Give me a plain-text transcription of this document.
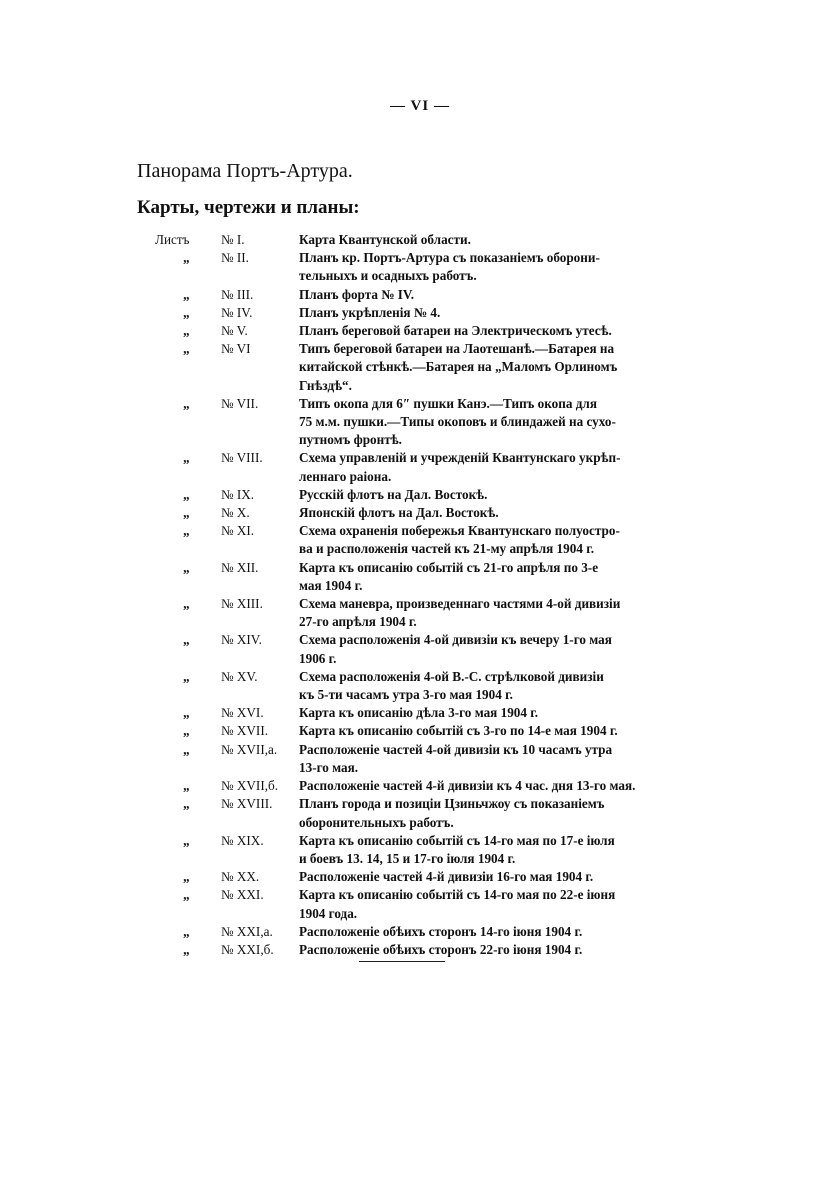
— VI —
Панорама Портъ-Артура.
Карты, чертежи и планы:
Листъ	№ I.	Карта Квантунской области.
„	№ II.	Планъ кр. Портъ-Артура съ показаніемъ оборони-
тельныхъ и осадныхъ работъ.
„	№ III.	Планъ форта № IV.
„	№ IV.	Планъ укрѣпленія № 4.
„	№ V.	Планъ береговой батареи на Электрическомъ утесѣ.
„	№ VI	Типъ береговой батареи на Лаотешанѣ.—Батарея на
китайской стѣнкѣ.—Батарея на „Маломъ Орлиномъ
Гнѣздѣ“.
„	№ VII.	Типъ окопа для 6″ пушки Канэ.—Типъ окопа для
75 м.м. пушки.—Типы окоповъ и блиндажей на сухо-
путномъ фронтѣ.
„	№ VIII.	Схема управленій и учрежденій Квантунскаго укрѣп-
леннаго раіона.
„	№ IX.	Русскій флотъ на Дал. Востокѣ.
„	№ X.	Японскій флотъ на Дал. Востокѣ.
„	№ XI.	Схема охраненія побережья Квантунскаго полуостро-
ва и расположенія частей къ 21-му апрѣля 1904 г.
„	№ XII.	Карта къ описанію событій съ 21-го апрѣля по 3-е
мая 1904 г.
„	№ XIII.	Схема маневра, произведеннаго частями 4-ой дивизіи
27-го апрѣля 1904 г.
„	№ XIV.	Схема расположенія 4-ой дивизіи къ вечеру 1-го мая
1906 г.
„	№ XV.	Схема расположенія 4-ой В.-С. стрѣлковой дивизіи
къ 5-ти часамъ утра 3-го мая 1904 г.
„	№ XVI.	Карта къ описанію дѣла 3-го мая 1904 г.
„	№ XVII.	Карта къ описанію событій съ 3-го по 14-е мая 1904 г.
„	№ XVII,а.	Расположеніе частей 4-ой дивизіи къ 10 часамъ утра
13-го мая.
„	№ XVII,б.	Расположеніе частей 4-й дивизіи къ 4 час. дня 13-го мая.
„	№ XVIII.	Планъ города и позиціи Цзиньчжоу съ показаніемъ
оборонительныхъ работъ.
„	№ XIX.	Карта къ описанію событій съ 14-го мая по 17-е іюля
и боевъ 13. 14, 15 и 17-го іюля 1904 г.
„	№ XX.	Расположеніе частей 4-й дивизіи 16-го мая 1904 г.
„	№ XXI.	Карта къ описанію событій съ 14-го мая по 22-е іюня
1904 года.
„	№ XXI,а.	Расположеніе обѣихъ сторонъ 14-го іюня 1904 г.
„	№ XXI,б.	Расположеніе обѣихъ сторонъ 22-го іюня 1904 г.
